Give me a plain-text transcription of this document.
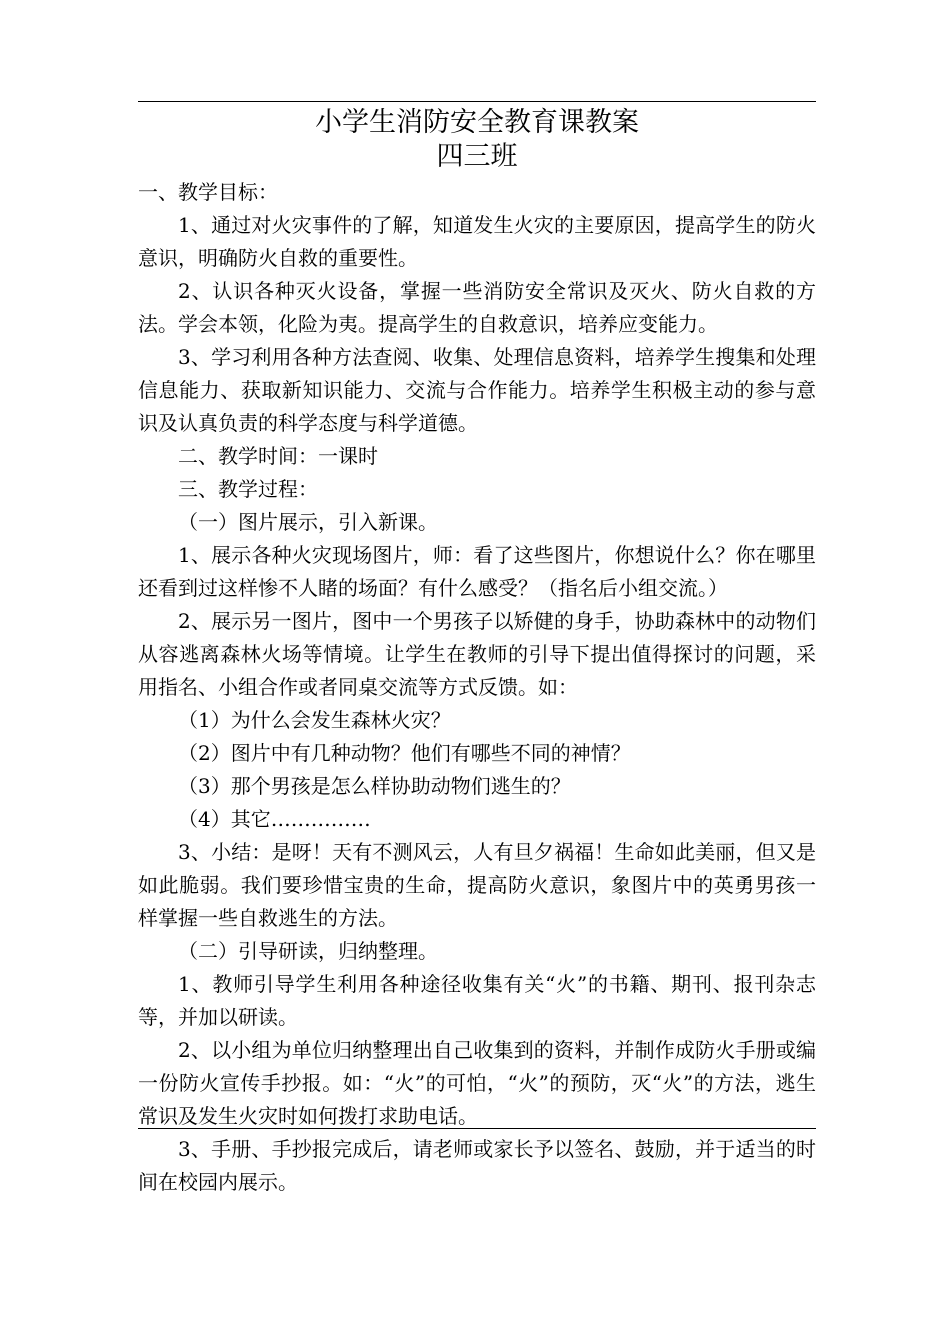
小学生消防安全教育课教案
四三班

一、教学目标：

1、通过对火灾事件的了解，知道发生火灾的主要原因，提高学生的防火意识，明确防火自救的重要性。

2、认识各种灭火设备，掌握一些消防安全常识及灭火、防火自救的方法。学会本领，化险为夷。提高学生的自救意识，培养应变能力。

3、学习利用各种方法查阅、收集、处理信息资料，培养学生搜集和处理信息能力、获取新知识能力、交流与合作能力。培养学生积极主动的参与意识及认真负责的科学态度与科学道德。

二、教学时间：一课时

三、教学过程：

（一）图片展示，引入新课。

1、展示各种火灾现场图片，师：看了这些图片，你想说什么？你在哪里还看到过这样惨不人睹的场面？有什么感受？（指名后小组交流。）

2、展示另一图片，图中一个男孩子以矫健的身手，协助森林中的动物们从容逃离森林火场等情境。让学生在教师的引导下提出值得探讨的问题，采用指名、小组合作或者同桌交流等方式反馈。如：

（1）为什么会发生森林火灾？

（2）图片中有几种动物？他们有哪些不同的神情？

（3）那个男孩是怎么样协助动物们逃生的？

（4）其它……………

3、小结：是呀！天有不测风云，人有旦夕祸福！生命如此美丽，但又是如此脆弱。我们要珍惜宝贵的生命，提高防火意识，象图片中的英勇男孩一样掌握一些自救逃生的方法。

（二）引导研读，归纳整理。

1、教师引导学生利用各种途径收集有关“火”的书籍、期刊、报刊杂志等，并加以研读。

2、以小组为单位归纳整理出自己收集到的资料，并制作成防火手册或编一份防火宣传手抄报。如：“火”的可怕，“火”的预防，灭“火”的方法，逃生常识及发生火灾时如何拨打求助电话。

3、手册、手抄报完成后，请老师或家长予以签名、鼓励，并于适当的时间在校园内展示。
